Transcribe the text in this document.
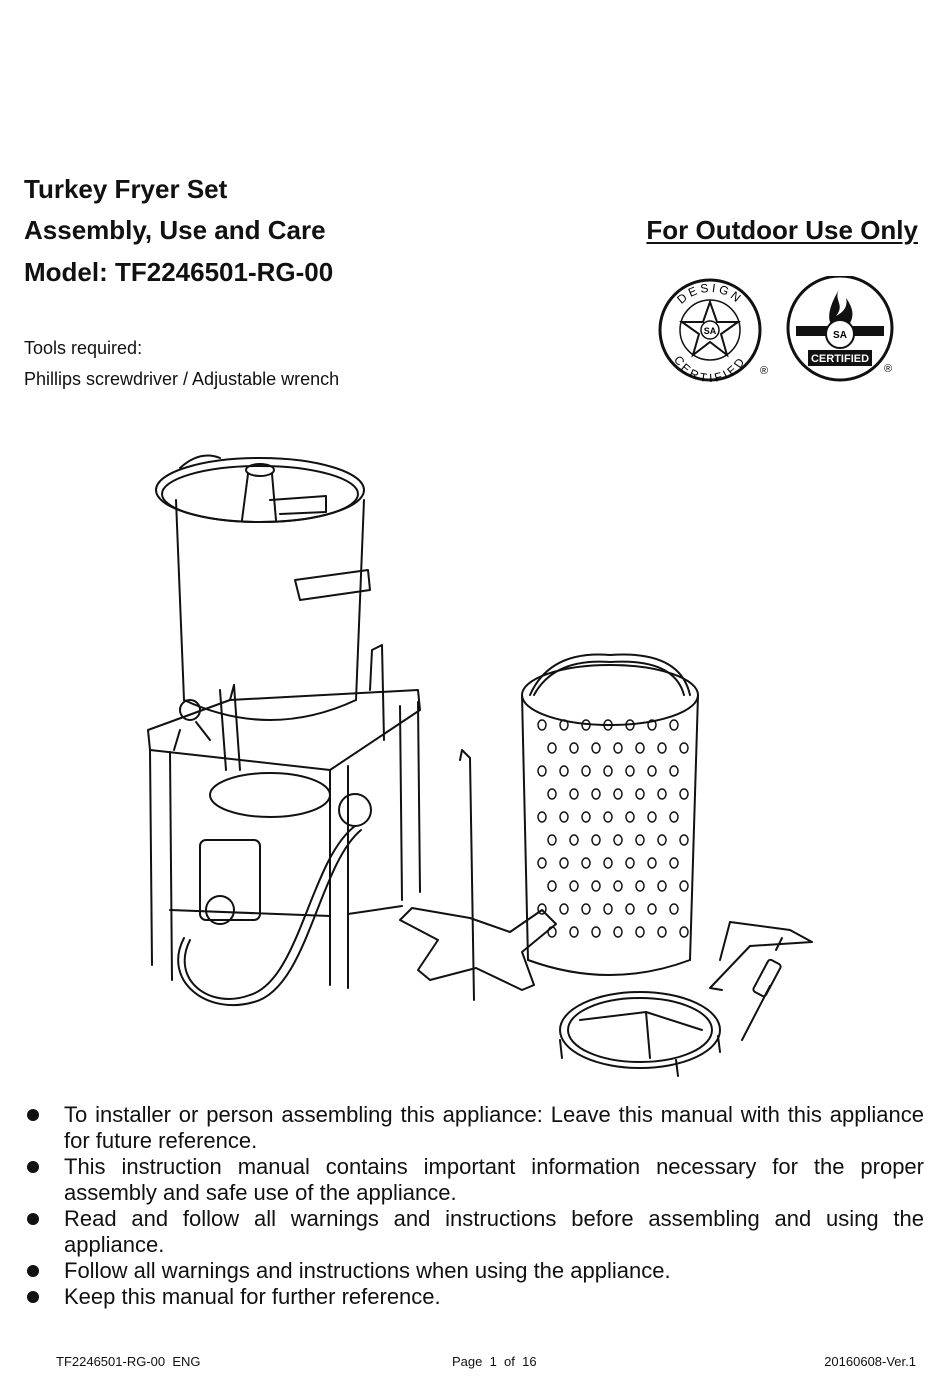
Turkey Fryer Set
Assembly, Use and Care
Model: TF2246501-RG-00
For Outdoor Use Only
Tools required:
Phillips screwdriver / Adjustable wrench
SA
DESIGN
CERTIFIED
®
SA
CERTIFIED
®
To installer or person assembling this appliance: Leave this manual with this appliance for future reference.
This instruction manual contains important information necessary for the proper assembly and safe use of the appliance.
Read and follow all warnings and instructions before assembling and using the appliance.
Follow all warnings and instructions when using the appliance.
Keep this manual for further reference.
TF2246501-RG-00  ENG	Page  1  of  16	20160608-Ver.1
